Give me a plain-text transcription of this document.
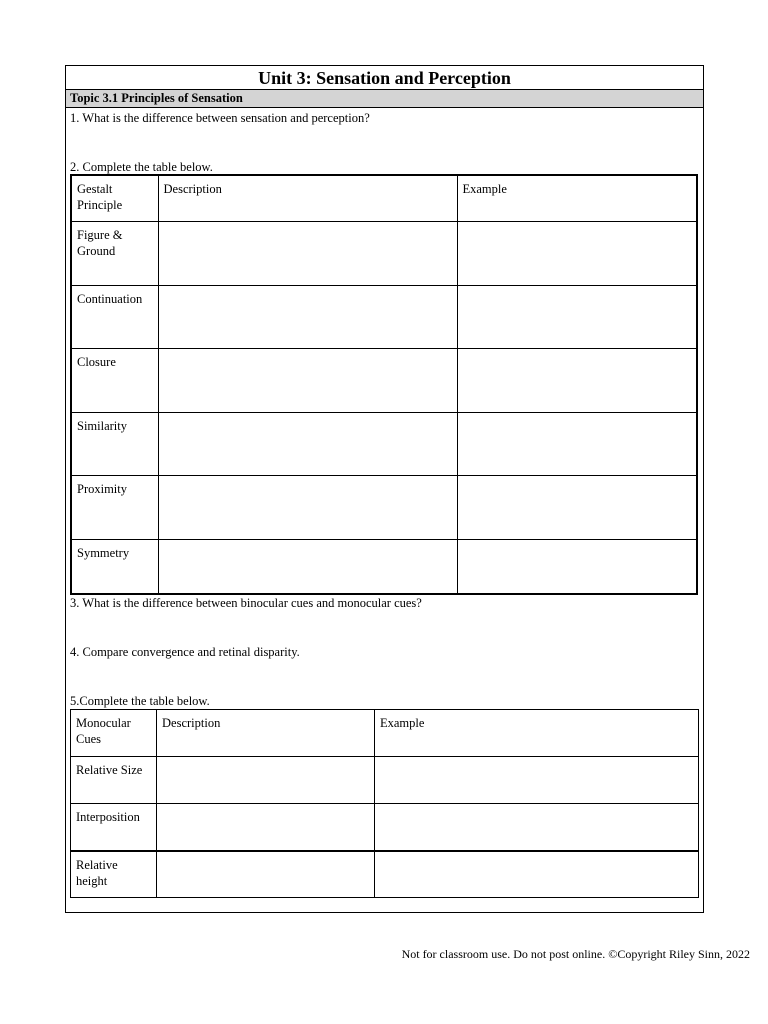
Unit 3: Sensation and Perception
Topic 3.1 Principles of Sensation
1. What is the difference between sensation and perception?
2. Complete the table below.
Gestalt Principle	Description	Example
Figure & Ground		
Continuation		
Closure		
Similarity		
Proximity		
Symmetry		
3. What is the difference between binocular cues and monocular cues?
4. Compare convergence and retinal disparity.
5.Complete the table below.
Monocular Cues	Description	Example
Relative Size		
Interposition		
Relative height		
Not for classroom use. Do not post online. ©Copyright Riley Sinn, 2022
